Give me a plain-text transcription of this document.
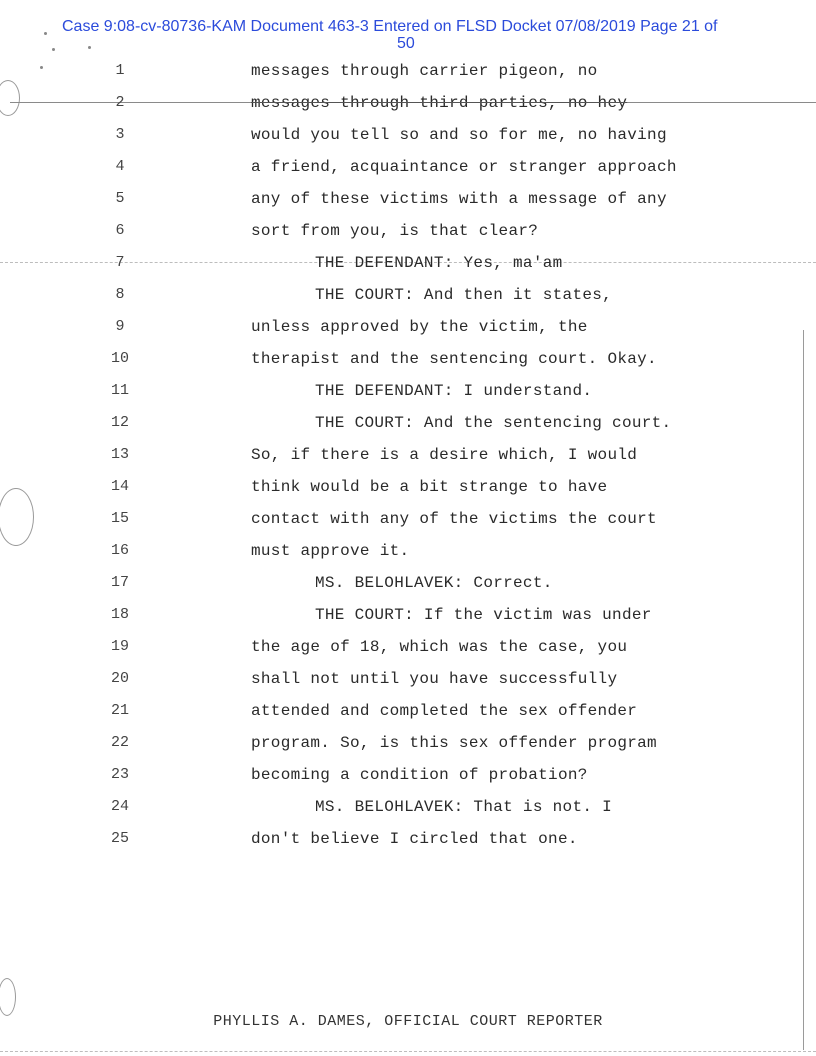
Case 9:08-cv-80736-KAM Document 463-3 Entered on FLSD Docket 07/08/2019 Page 21 of
50
1	messages through carrier pigeon, no
2	messages through third parties, no hey
3	would you tell so and so for me, no having
4	a friend, acquaintance or stranger approach
5	any of these victims with a message of any
6	sort from you, is that clear?
7	THE DEFENDANT: Yes, ma'am
8	THE COURT: And then it states,
9	unless approved by the victim, the
10	therapist and the sentencing court. Okay.
11	THE DEFENDANT: I understand.
12	THE COURT: And the sentencing court.
13	So, if there is a desire which, I would
14	think would be a bit strange to have
15	contact with any of the victims the court
16	must approve it.
17	MS. BELOHLAVEK: Correct.
18	THE COURT: If the victim was under
19	the age of 18, which was the case, you
20	shall not until you have successfully
21	attended and completed the sex offender
22	program. So, is this sex offender program
23	becoming a condition of probation?
24	MS. BELOHLAVEK: That is not. I
25	don't believe I circled that one.
PHYLLIS A. DAMES, OFFICIAL COURT REPORTER
